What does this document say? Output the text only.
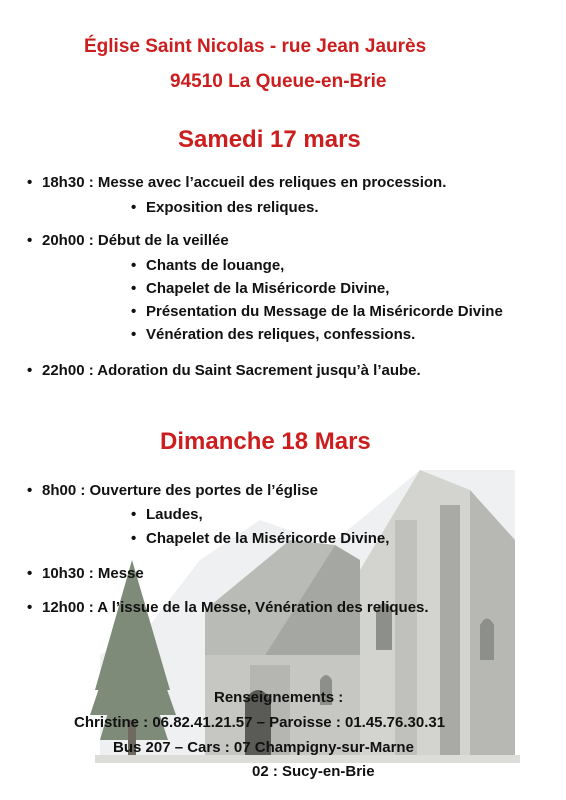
Église Saint Nicolas - rue Jean Jaurès
94510 La Queue-en-Brie
Samedi 17 mars
• 18h30 : Messe avec l’accueil des reliques en procession.
• Exposition des reliques.
• 20h00 : Début de la veillée
• Chants de louange,
• Chapelet de la Miséricorde Divine,
• Présentation du Message de la Miséricorde Divine
• Vénération des reliques, confessions.
• 22h00 : Adoration du Saint Sacrement jusqu’à l’aube.
Dimanche 18 Mars
• 8h00 : Ouverture des portes de l’église
• Laudes,
• Chapelet de la Miséricorde Divine,
• 10h30 : Messe
• 12h00 : A l’issue de la Messe, Vénération des reliques.
Renseignements :
Christine : 06.82.41.21.57 – Paroisse : 01.45.76.30.31
Bus 207 – Cars : 07 Champigny-sur-Marne
02 : Sucy-en-Brie
